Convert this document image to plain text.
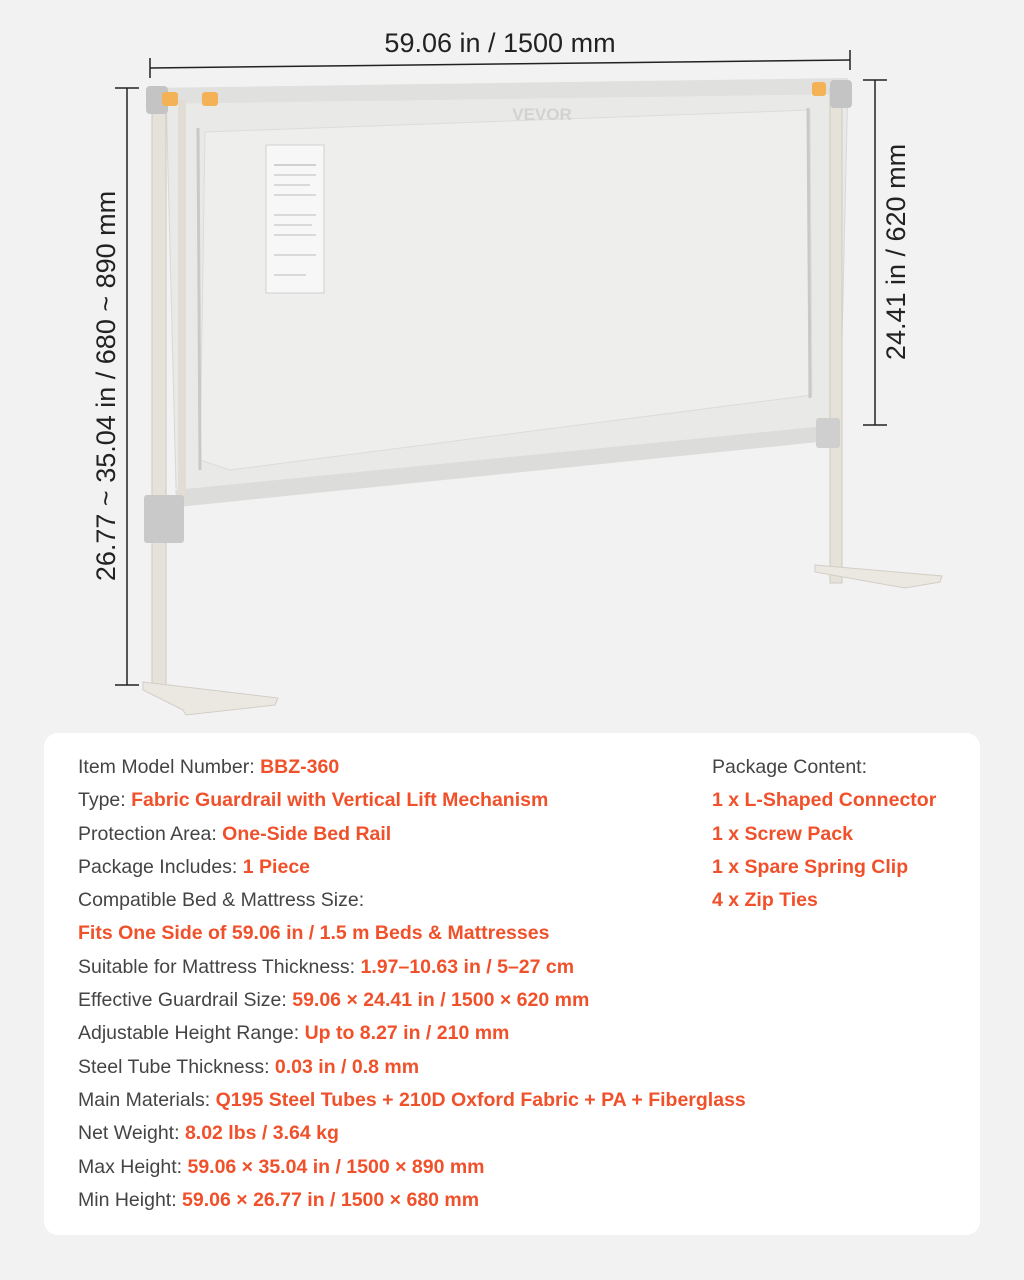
59.06 in / 1500 mm
26.77 ~ 35.04 in / 680 ~ 890 mm	24.41 in / 620 mm
VEVOR
Item Model Number: BBZ-360
Type: Fabric Guardrail with Vertical Lift Mechanism
Protection Area: One-Side Bed Rail
Package Includes: 1 Piece
Compatible Bed & Mattress Size:
Fits One Side of 59.06 in / 1.5 m Beds & Mattresses
Suitable for Mattress Thickness: 1.97–10.63 in / 5–27 cm
Effective Guardrail Size: 59.06 × 24.41 in / 1500 × 620 mm
Adjustable Height Range: Up to 8.27 in / 210 mm
Steel Tube Thickness: 0.03 in / 0.8 mm
Main Materials: Q195 Steel Tubes + 210D Oxford Fabric + PA + Fiberglass
Net Weight: 8.02 lbs / 3.64 kg
Max Height: 59.06 × 35.04 in / 1500 × 890 mm
Min Height: 59.06 × 26.77 in / 1500 × 680 mm
Package Content:
1 x L-Shaped Connector
1 x Screw Pack
1 x Spare Spring Clip
4 x Zip Ties
